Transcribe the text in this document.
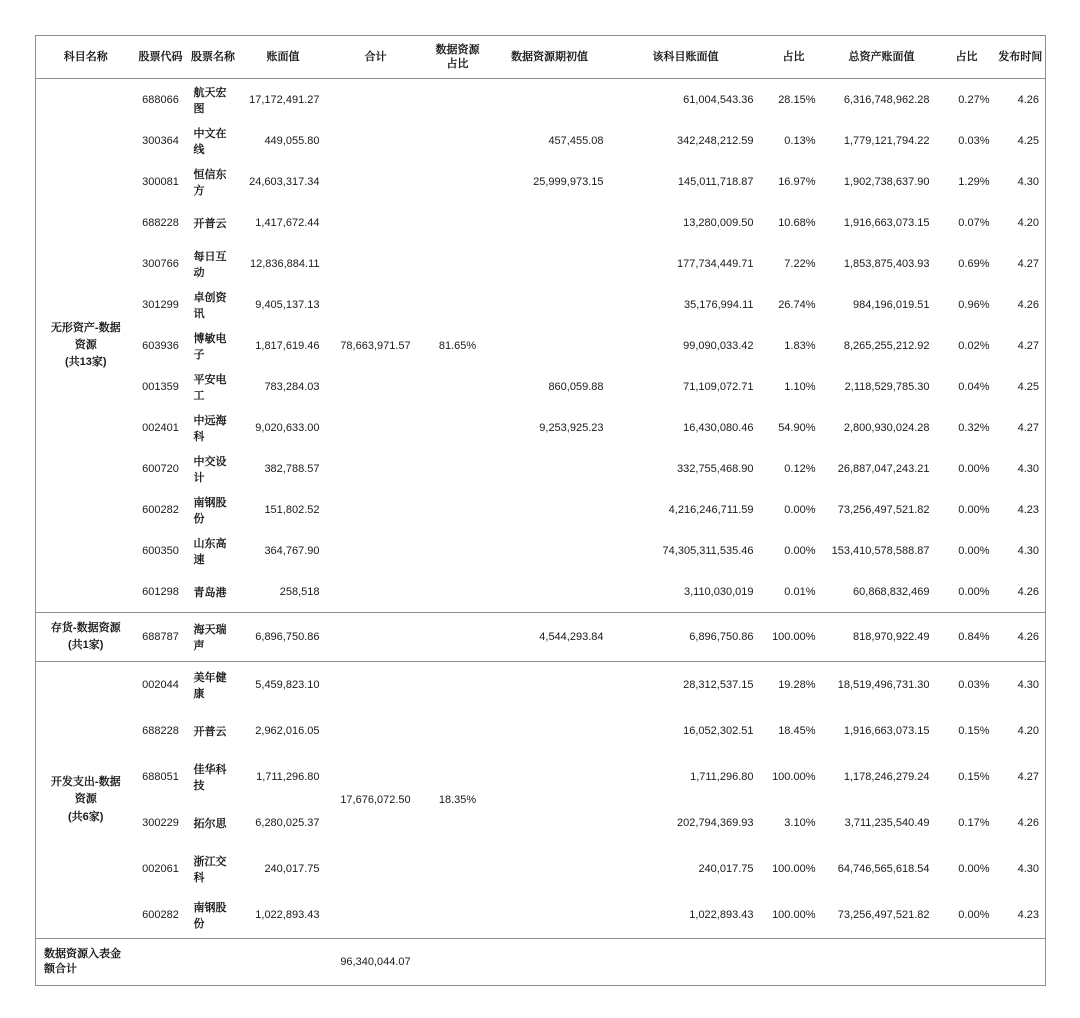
科目名称	股票代码	股票名称	账面值	合计	数据资源
占比	数据资源期初值	该科目账面值	占比	总资产账面值	占比	发布时间
无形资产-数据
资源
(共13家)	688066	航天宏图	17,172,491.27	78,663,971.57	81.65%		61,004,543.36	28.15%	6,316,748,962.28	0.27%	4.26
	300364	中文在线	449,055.80			457,455.08	342,248,212.59	0.13%	1,779,121,794.22	0.03%	4.25
	300081	恒信东方	24,603,317.34			25,999,973.15	145,011,718.87	16.97%	1,902,738,637.90	1.29%	4.30
	688228	开普云	1,417,672.44				13,280,009.50	10.68%	1,916,663,073.15	0.07%	4.20
	300766	每日互动	12,836,884.11				177,734,449.71	7.22%	1,853,875,403.93	0.69%	4.27
	301299	卓创资讯	9,405,137.13				35,176,994.11	26.74%	984,196,019.51	0.96%	4.26
	603936	博敏电子	1,817,619.46				99,090,033.42	1.83%	8,265,255,212.92	0.02%	4.27
	001359	平安电工	783,284.03			860,059.88	71,109,072.71	1.10%	2,118,529,785.30	0.04%	4.25
	002401	中远海科	9,020,633.00			9,253,925.23	16,430,080.46	54.90%	2,800,930,024.28	0.32%	4.27
	600720	中交设计	382,788.57				332,755,468.90	0.12%	26,887,047,243.21	0.00%	4.30
	600282	南钢股份	151,802.52				4,216,246,711.59	0.00%	73,256,497,521.82	0.00%	4.23
	600350	山东高速	364,767.90				74,305,311,535.46	0.00%	153,410,578,588.87	0.00%	4.30
	601298	青岛港	258,518				3,110,030,019	0.01%	60,868,832,469	0.00%	4.26
存货-数据资源
(共1家)	688787	海天瑞声	6,896,750.86			4,544,293.84	6,896,750.86	100.00%	818,970,922.49	0.84%	4.26
开发支出-数据
资源
(共6家)	002044	美年健康	5,459,823.10	17,676,072.50	18.35%		28,312,537.15	19.28%	18,519,496,731.30	0.03%	4.30
	688228	开普云	2,962,016.05				16,052,302.51	18.45%	1,916,663,073.15	0.15%	4.20
	688051	佳华科技	1,711,296.80				1,711,296.80	100.00%	1,178,246,279.24	0.15%	4.27
	300229	拓尔思	6,280,025.37				202,794,369.93	3.10%	3,711,235,540.49	0.17%	4.26
	002061	浙江交科	240,017.75				240,017.75	100.00%	64,746,565,618.54	0.00%	4.30
	600282	南钢股份	1,022,893.43				1,022,893.43	100.00%	73,256,497,521.82	0.00%	4.23
数据资源入表金
额合计				96,340,044.07							
